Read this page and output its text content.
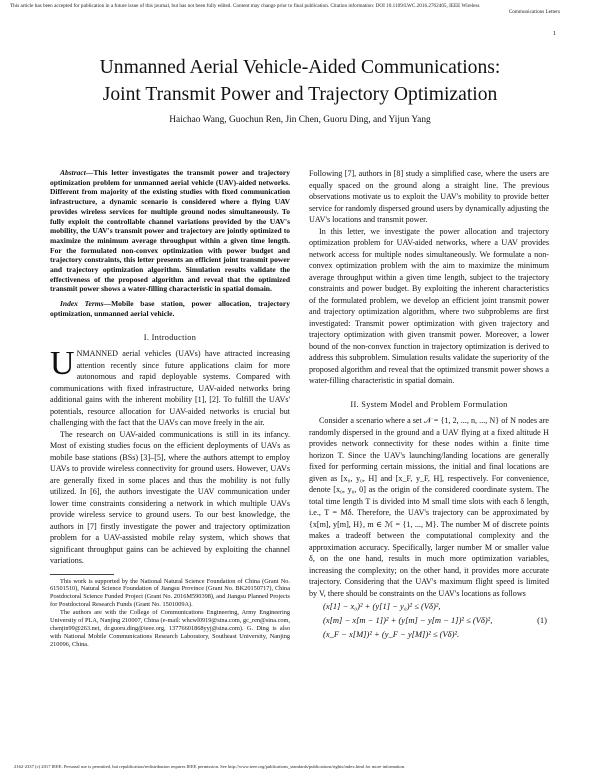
This article has been accepted for publication in a future issue of this journal, but has not been fully edited. Content may change prior to final publication. Citation information: DOI 10.1109/LWC.2016.2762405, IEEE Wireless
Communications Letters
1
Unmanned Aerial Vehicle-Aided Communications:
Joint Transmit Power and Trajectory Optimization
Haichao Wang, Guochun Ren, Jin Chen, Guoru Ding, and Yijun Yang

Abstract—This letter investigates the transmit power and trajectory optimization problem for unmanned aerial vehicle (UAV)-aided networks. Different from majority of the existing studies with fixed communication infrastructure, a dynamic scenario is considered where a flying UAV provides wireless services for multiple ground nodes simultaneously. To fully exploit the controllable channel variations provided by the UAV's mobility, the UAV's transmit power and trajectory are jointly optimized to maximize the minimum average throughput within a given time length. For the formulated non-convex optimization with power budget and trajectory constraints, this letter presents an efficient joint transmit power and trajectory optimization algorithm. Simulation results validate the effectiveness of the proposed algorithm and reveal that the optimized transmit power shows a water-filling characteristic in spatial domain.

Index Terms—Mobile base station, power allocation, trajectory optimization, unmanned aerial vehicle.

I. Introduction

UNMANNED aerial vehicles (UAVs) have attracted increasing attention recently since future applications claim for more autonomous and rapid deployable systems. Compared with communications with fixed infrastructure, UAV-aided networks bring additional gains with the inherent mobility [1], [2]. To fulfill the UAVs' potentials, resource allocation for UAV-aided networks is crucial but challenging with the fact that the UAVs can move freely in the air.

The research on UAV-aided communications is still in its infancy. Most of existing studies focus on the efficient deployments of UAVs as mobile base stations (BSs) [3]–[5], where the authors attempt to employ UAVs to provide wireless connectivity for ground users. However, UAVs are generally fixed in some places and thus the mobility is not fully utilized. In [6], the authors investigate the UAV communication under lower time constraints considering a network in which multiple UAVs provide wireless service to ground users. To our best knowledge, the authors in [7] firstly investigate the power and trajectory optimization problem for a UAV-assisted mobile relay system, which shows that significant throughput gains can be achieved by exploiting the channel variations.

This work is supported by the National Natural Science Foundation of China (Grant No. 61501510), Natural Science Foundation of Jiangsu Province (Grant No. BK20150717), China Postdoctoral Science Funded Project (Grant No. 2016M590398), and Jiangsu Planned Projects for Postdoctoral Research Funds (Grant No. 1501009A).

The authors are with the College of Communications Engineering, Army Engineering University of PLA, Nanjing 210007, China (e-mail: whcwl0919@sina.com, gc_ren@sina.com, chenjin99@263.net, dr.guoru.ding@ieee.org, 13776601868yyj@sina.com). G. Ding is also with National Mobile Communications Research Laboratory, Southeast University, Nanjing 210096, China.

Following [7], authors in [8] study a simplified case, where the users are equally spaced on the ground along a straight line. The previous observations motivate us to exploit the UAV's mobility to provide better service for randomly dispersed ground users by dynamically adjusting the UAV's locations and transmit power.

In this letter, we investigate the power allocation and trajectory optimization problem for UAV-aided networks, where a UAV provides network access for multiple nodes simultaneously. We formulate a non-convex optimization problem with the aim to maximize the minimum average throughput within a given time length, subject to the trajectory constraints and power budget. By exploiting the inherent characteristics of the formulated problem, we develop an efficient joint transmit power and trajectory optimization algorithm, where two subproblems are first investigated: Transmit power optimization with given trajectory and trajectory optimization with given transmit power. Moreover, a lower bound of the non-convex function in trajectory optimization is derived to address this subproblem. Simulation results validate the superiority of the proposed algorithm and reveal that the optimized transmit power shows a water-filling characteristic in spatial domain.

II. System Model and Problem Formulation

Consider a scenario where a set 𝒩 = {1, 2, ..., n, ..., N} of N nodes are randomly dispersed in the ground and a UAV flying at a fixed altitude H provides network connectivity for these nodes within a finite time horizon T. Since the UAV's launching/landing locations are generally fixed for performing certain missions, the initial and final locations are given as [x₀, y₀, H] and [x_F, y_F, H], respectively. For convenience, denote [x₀, y₀, 0] as the origin of the considered coordinate system. The total time length T is divided into M small time slots with each δ length, i.e., T = Mδ. Therefore, the UAV's trajectory can be approximated by {x[m], y[m], H}, m ∈ ℳ = {1, ..., M}. The number M of discrete points makes a tradeoff between the computational complexity and the approximation accuracy. Specifically, larger number M or smaller value δ, on the one hand, results in much more optimization variables, increasing the complexity; on the other hand, it provides more accurate trajectory. Considering that the UAV's maximum flight speed is limited by V, there should be constraints on the UAV's locations as follows

(x[1] − x₀)² + (y[1] − y₀)² ≤ (Vδ)²,
(x[m] − x[m − 1])² + (y[m] − y[m − 1])² ≤ (Vδ)²,
(x_F − x[M])² + (y_F − y[M])² ≤ (Vδ)².
(1)
2162-2337 (c) 2017 IEEE. Personal use is permitted, but republication/redistribution requires IEEE permission. See http://www.ieee.org/publications_standards/publications/rights/index.html for more information.
